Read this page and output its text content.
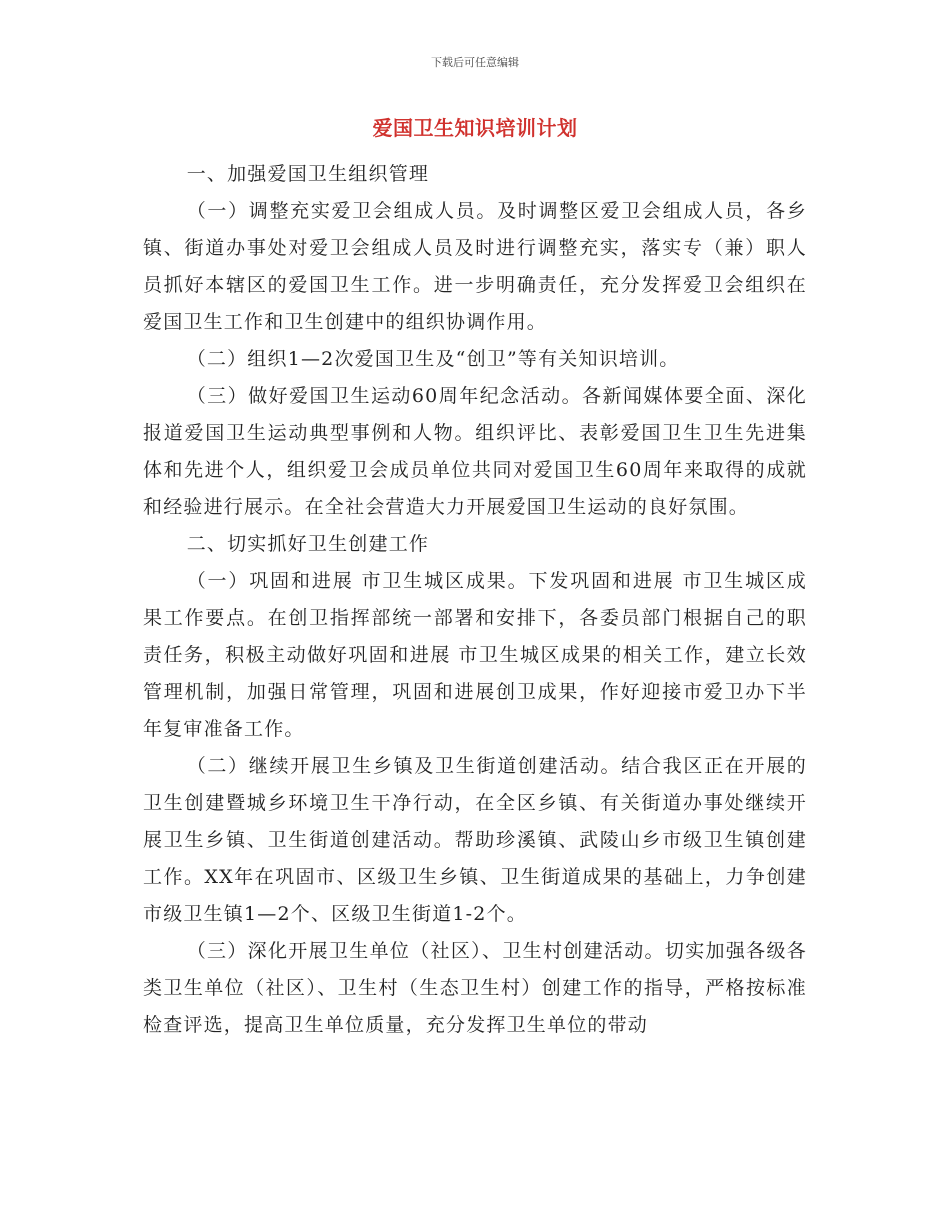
下载后可任意编辑
爱国卫生知识培训计划

一、加强爱国卫生组织管理

（一）调整充实爱卫会组成人员。及时调整区爱卫会组成人员，各乡镇、街道办事处对爱卫会组成人员及时进行调整充实，落实专（兼）职人员抓好本辖区的爱国卫生工作。进一步明确责任，充分发挥爱卫会组织在爱国卫生工作和卫生创建中的组织协调作用。

（二）组织1—2次爱国卫生及“创卫”等有关知识培训。

（三）做好爱国卫生运动60周年纪念活动。各新闻媒体要全面、深化报道爱国卫生运动典型事例和人物。组织评比、表彰爱国卫生卫生先进集体和先进个人，组织爱卫会成员单位共同对爱国卫生60周年来取得的成就和经验进行展示。在全社会营造大力开展爱国卫生运动的良好氛围。

二、切实抓好卫生创建工作

（一）巩固和进展 市卫生城区成果。下发巩固和进展 市卫生城区成果工作要点。在创卫指挥部统一部署和安排下，各委员部门根据自己的职责任务，积极主动做好巩固和进展 市卫生城区成果的相关工作，建立长效管理机制，加强日常管理，巩固和进展创卫成果，作好迎接市爱卫办下半年复审准备工作。

（二）继续开展卫生乡镇及卫生街道创建活动。结合我区正在开展的卫生创建暨城乡环境卫生干净行动，在全区乡镇、有关街道办事处继续开展卫生乡镇、卫生街道创建活动。帮助珍溪镇、武陵山乡市级卫生镇创建工作。XX年在巩固市、区级卫生乡镇、卫生街道成果的基础上，力争创建市级卫生镇1—2个、区级卫生街道1-2个。

（三）深化开展卫生单位（社区）、卫生村创建活动。切实加强各级各类卫生单位（社区）、卫生村（生态卫生村）创建工作的指导，严格按标准检查评选，提高卫生单位质量，充分发挥卫生单位的带动
